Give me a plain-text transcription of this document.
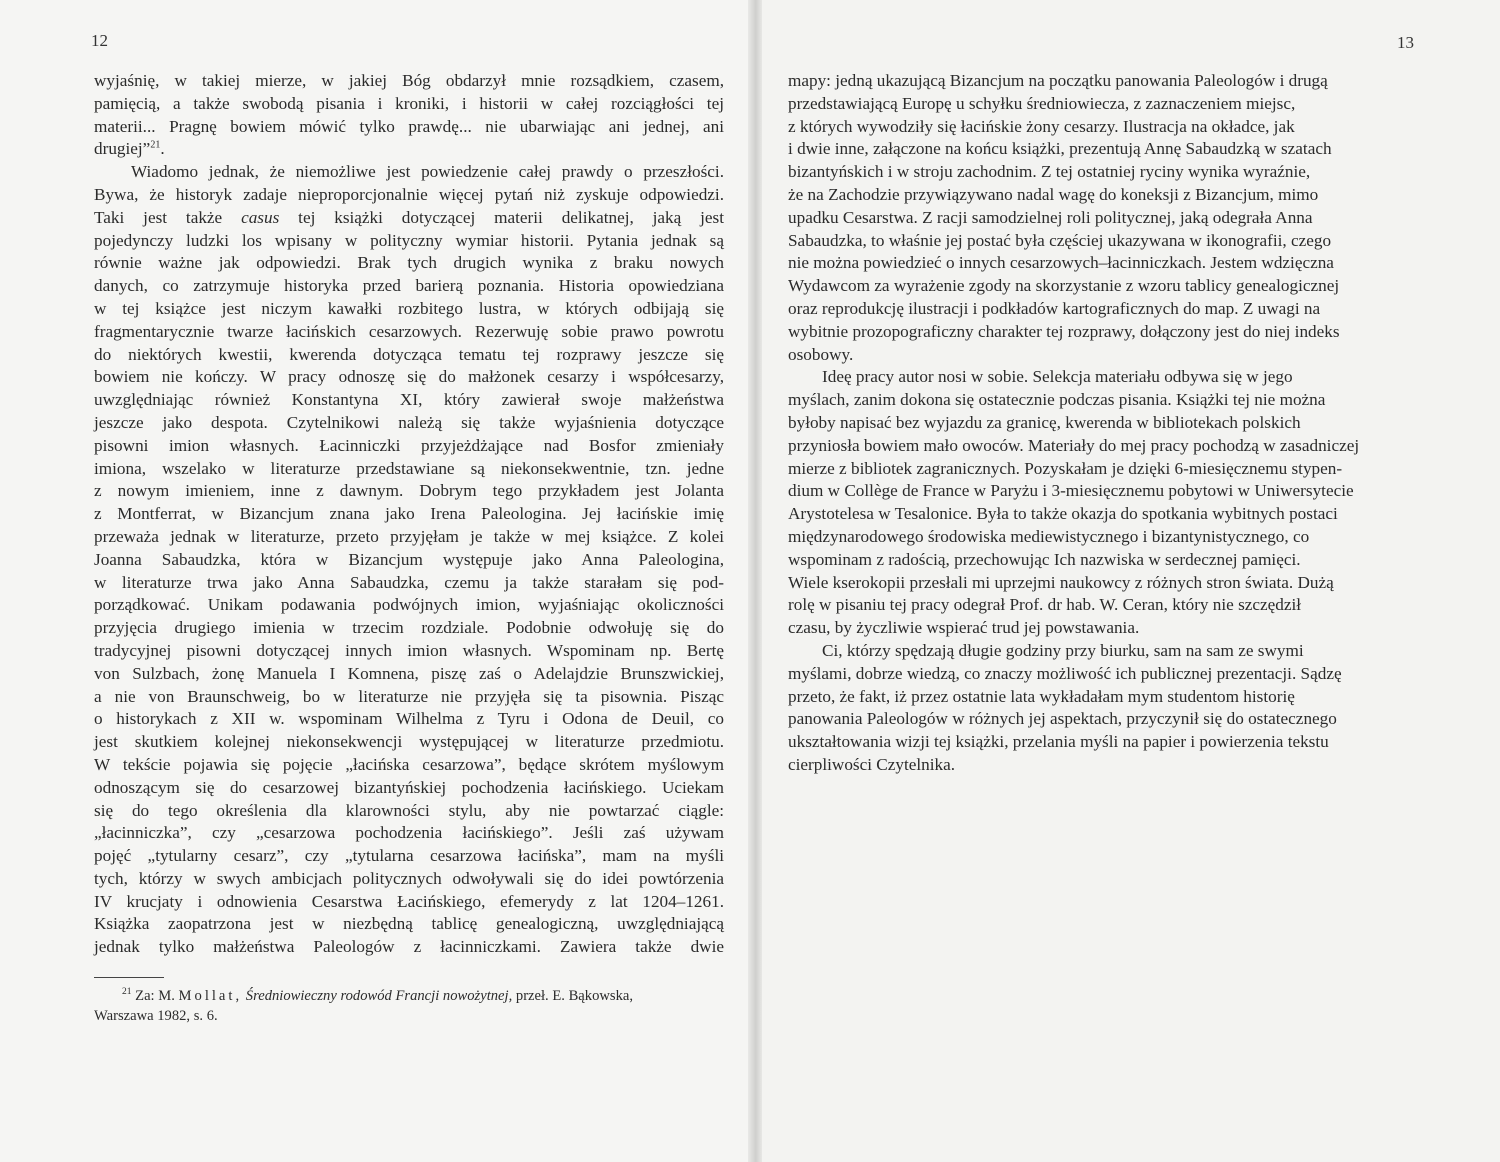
12
wyjaśnię, w takiej mierze, w jakiej Bóg obdarzył mnie rozsądkiem, czasem,
pamięcią, a także swobodą pisania i kroniki, i historii w całej rozciągłości tej
materii... Pragnę bowiem mówić tylko prawdę... nie ubarwiając ani jednej, ani
drugiej”$^{21}$.
Wiadomo jednak, że niemożliwe jest powiedzenie całej prawdy o przeszłości.
Bywa, że historyk zadaje nieproporcjonalnie więcej pytań niż zyskuje odpowiedzi.
Taki jest także casus tej książki dotyczącej materii delikatnej, jaką jest
pojedynczy ludzki los wpisany w polityczny wymiar historii. Pytania jednak są
równie ważne jak odpowiedzi. Brak tych drugich wynika z braku nowych
danych, co zatrzymuje historyka przed barierą poznania. Historia opowiedziana
w tej książce jest niczym kawałki rozbitego lustra, w których odbijają się
fragmentarycznie twarze łacińskich cesarzowych. Rezerwuję sobie prawo powrotu
do niektórych kwestii, kwerenda dotycząca tematu tej rozprawy jeszcze się
bowiem nie kończy. W pracy odnoszę się do małżonek cesarzy i współcesarzy,
uwzględniając również Konstantyna XI, który zawierał swoje małżeństwa
jeszcze jako despota. Czytelnikowi należą się także wyjaśnienia dotyczące
pisowni imion własnych. Łacinniczki przyjeżdżające nad Bosfor zmieniały
imiona, wszelako w literaturze przedstawiane są niekonsekwentnie, tzn. jedne
z nowym imieniem, inne z dawnym. Dobrym tego przykładem jest Jolanta
z Montferrat, w Bizancjum znana jako Irena Paleologina. Jej łacińskie imię
przeważa jednak w literaturze, przeto przyjęłam je także w mej książce. Z kolei
Joanna Sabaudzka, która w Bizancjum występuje jako Anna Paleologina,
w literaturze trwa jako Anna Sabaudzka, czemu ja także starałam się pod-
porządkować. Unikam podawania podwójnych imion, wyjaśniając okoliczności
przyjęcia drugiego imienia w trzecim rozdziale. Podobnie odwołuję się do
tradycyjnej pisowni dotyczącej innych imion własnych. Wspominam np. Bertę
von Sulzbach, żonę Manuela I Komnena, piszę zaś o Adelajdzie Brunszwickiej,
a nie von Braunschweig, bo w literaturze nie przyjęła się ta pisownia. Pisząc
o historykach z XII w. wspominam Wilhelma z Tyru i Odona de Deuil, co
jest skutkiem kolejnej niekonsekwencji występującej w literaturze przedmiotu.
W tekście pojawia się pojęcie „łacińska cesarzowa”, będące skrótem myślowym
odnoszącym się do cesarzowej bizantyńskiej pochodzenia łacińskiego. Uciekam
się do tego określenia dla klarowności stylu, aby nie powtarzać ciągle:
„łacinniczka”, czy „cesarzowa pochodzenia łacińskiego”. Jeśli zaś używam
pojęć „tytularny cesarz”, czy „tytularna cesarzowa łacińska”, mam na myśli
tych, którzy w swych ambicjach politycznych odwoływali się do idei powtórzenia
IV krucjaty i odnowienia Cesarstwa Łacińskiego, efemerydy z lat 1204–1261.
Książka zaopatrzona jest w niezbędną tablicę genealogiczną, uwzględniającą
jednak tylko małżeństwa Paleologów z łacinniczkami. Zawiera także dwie
$^{21}$ Za: M. Mollat, Średniowieczny rodowód Francji nowożytnej, przeł. E. Bąkowska,
Warszawa 1982, s. 6.
13
mapy: jedną ukazującą Bizancjum na początku panowania Paleologów i drugą
przedstawiającą Europę u schyłku średniowiecza, z zaznaczeniem miejsc,
z których wywodziły się łacińskie żony cesarzy. Ilustracja na okładce, jak
i dwie inne, załączone na końcu książki, prezentują Annę Sabaudzką w szatach
bizantyńskich i w stroju zachodnim. Z tej ostatniej ryciny wynika wyraźnie,
że na Zachodzie przywiązywano nadal wagę do koneksji z Bizancjum, mimo
upadku Cesarstwa. Z racji samodzielnej roli politycznej, jaką odegrała Anna
Sabaudzka, to właśnie jej postać była częściej ukazywana w ikonografii, czego
nie można powiedzieć o innych cesarzowych–łacinniczkach. Jestem wdzięczna
Wydawcom za wyrażenie zgody na skorzystanie z wzoru tablicy genealogicznej
oraz reprodukcję ilustracji i podkładów kartograficznych do map. Z uwagi na
wybitnie prozopograficzny charakter tej rozprawy, dołączony jest do niej indeks
osobowy.
Ideę pracy autor nosi w sobie. Selekcja materiału odbywa się w jego
myślach, zanim dokona się ostatecznie podczas pisania. Książki tej nie można
byłoby napisać bez wyjazdu za granicę, kwerenda w bibliotekach polskich
przyniosła bowiem mało owoców. Materiały do mej pracy pochodzą w zasadniczej
mierze z bibliotek zagranicznych. Pozyskałam je dzięki 6-miesięcznemu stypen-
dium w Collège de France w Paryżu i 3-miesięcznemu pobytowi w Uniwersytecie
Arystotelesa w Tesalonice. Była to także okazja do spotkania wybitnych postaci
międzynarodowego środowiska mediewistycznego i bizantynistycznego, co
wspominam z radością, przechowując Ich nazwiska w serdecznej pamięci.
Wiele kserokopii przesłali mi uprzejmi naukowcy z różnych stron świata. Dużą
rolę w pisaniu tej pracy odegrał Prof. dr hab. W. Ceran, który nie szczędził
czasu, by życzliwie wspierać trud jej powstawania.
Ci, którzy spędzają długie godziny przy biurku, sam na sam ze swymi
myślami, dobrze wiedzą, co znaczy możliwość ich publicznej prezentacji. Sądzę
przeto, że fakt, iż przez ostatnie lata wykładałam mym studentom historię
panowania Paleologów w różnych jej aspektach, przyczynił się do ostatecznego
ukształtowania wizji tej książki, przelania myśli na papier i powierzenia tekstu
cierpliwości Czytelnika.
